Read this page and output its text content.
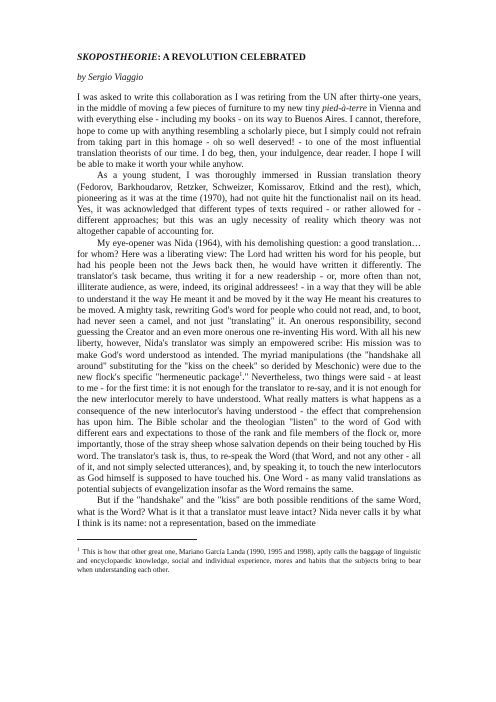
SKOPOSTHEORIE: A REVOLUTION CELEBRATED
by Sergio Viaggio

I was asked to write this collaboration as I was retiring from the UN after thirty-one years, in the middle of moving a few pieces of furniture to my new tiny pied-à-terre in Vienna and with everything else - including my books - on its way to Buenos Aires. I cannot, therefore, hope to come up with anything resembling a scholarly piece, but I simply could not refrain from taking part in this homage - oh so well deserved! - to one of the most influential translation theorists of our time. I do beg, then, your indulgence, dear reader. I hope I will be able to make it worth your while anyhow.

As a young student, I was thoroughly immersed in Russian translation theory (Fedorov, Barkhoudarov, Retzker, Schweizer, Komissarov, Etkind and the rest), which, pioneering as it was at the time (1970), had not quite hit the functionalist nail on its head. Yes, it was acknowledged that different types of texts required - or rather allowed for - different approaches; but this was an ugly necessity of reality which theory was not altogether capable of accounting for.

My eye-opener was Nida (1964), with his demolishing question: a good translation… for whom? Here was a liberating view: The Lord had written his word for his people, but had his people been not the Jews back then, he would have written it differently. The translator's task became, thus writing it for a new readership - or, more often than not, illiterate audience, as were, indeed, its original addressees! - in a way that they will be able to understand it the way He meant it and be moved by it the way He meant his creatures to be moved. A mighty task, rewriting God's word for people who could not read, and, to boot, had never seen a camel, and not just "translating" it. An onerous responsibility, second guessing the Creator and an even more onerous one re-inventing His word. With all his new liberty, however, Nida's translator was simply an empowered scribe: His mission was to make God's word understood as intended. The myriad manipulations (the "handshake all around" substituting for the "kiss on the cheek" so derided by Meschonic) were due to the new flock's specific "hermeneutic package$^1$." Nevertheless, two things were said - at least to me - for the first time: it is not enough for the translator to re-say, and it is not enough for the new interlocutor merely to have understood. What really matters is what happens as a consequence of the new interlocutor's having understood - the effect that comprehension has upon him. The Bible scholar and the theologian "listen" to the word of God with different ears and expectations to those of the rank and file members of the flock or, more importantly, those of the stray sheep whose salvation depends on their being touched by His word. The translator's task is, thus, to re-speak the Word (that Word, and not any other - all of it, and not simply selected utterances), and, by speaking it, to touch the new interlocutors as God himself is supposed to have touched his. One Word - as many valid translations as potential subjects of evangelization insofar as the Word remains the same.

But if the "handshake" and the "kiss" are both possible renditions of the same Word, what is the Word? What is it that a translator must leave intact? Nida never calls it by what I think is its name: not a representation, based on the immediate

$^1$ This is how that other great one, Mariano García Landa (1990, 1995 and 1998), aptly calls the baggage of linguistic and encyclopaedic knowledge, social and individual experience, mores and habits that the subjects bring to bear when understanding each other.
